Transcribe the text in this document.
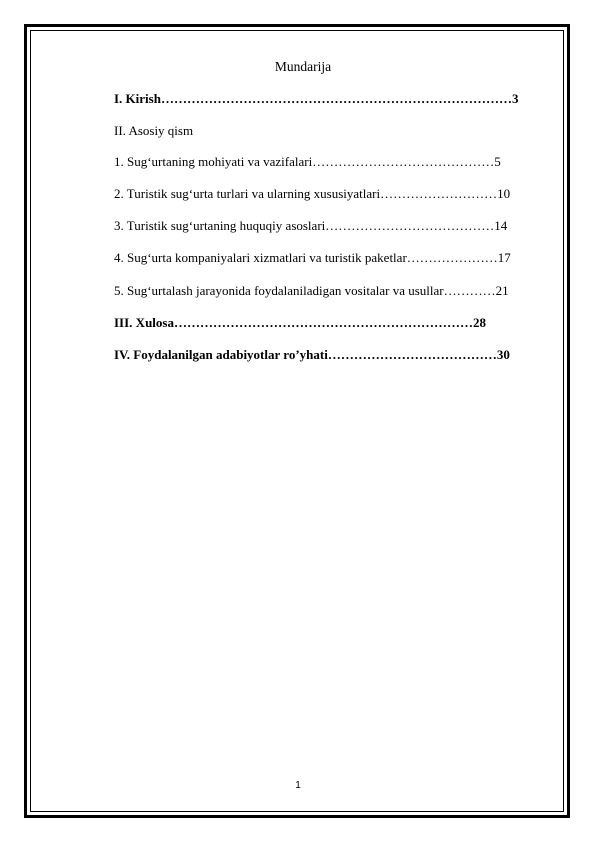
Mundarija
I. Kirish………………………………………………………………………3
II. Asosiy qism
1. Sug‘urtaning mohiyati va vazifalari……………………………………5
2. Turistik sug‘urta turlari va ularning xususiyatlari………………………10
3. Turistik sug‘urtaning huquqiy asoslari…………………………………14
4. Sug‘urta kompaniyalari xizmatlari va turistik paketlar…………………17
5. Sug‘urtalash jarayonida foydalaniladigan vositalar va usullar…………21
III. Xulosa……………………………………………………………28
IV. Foydalanilgan adabiyotlar ro’yhati…………………………………30
1
